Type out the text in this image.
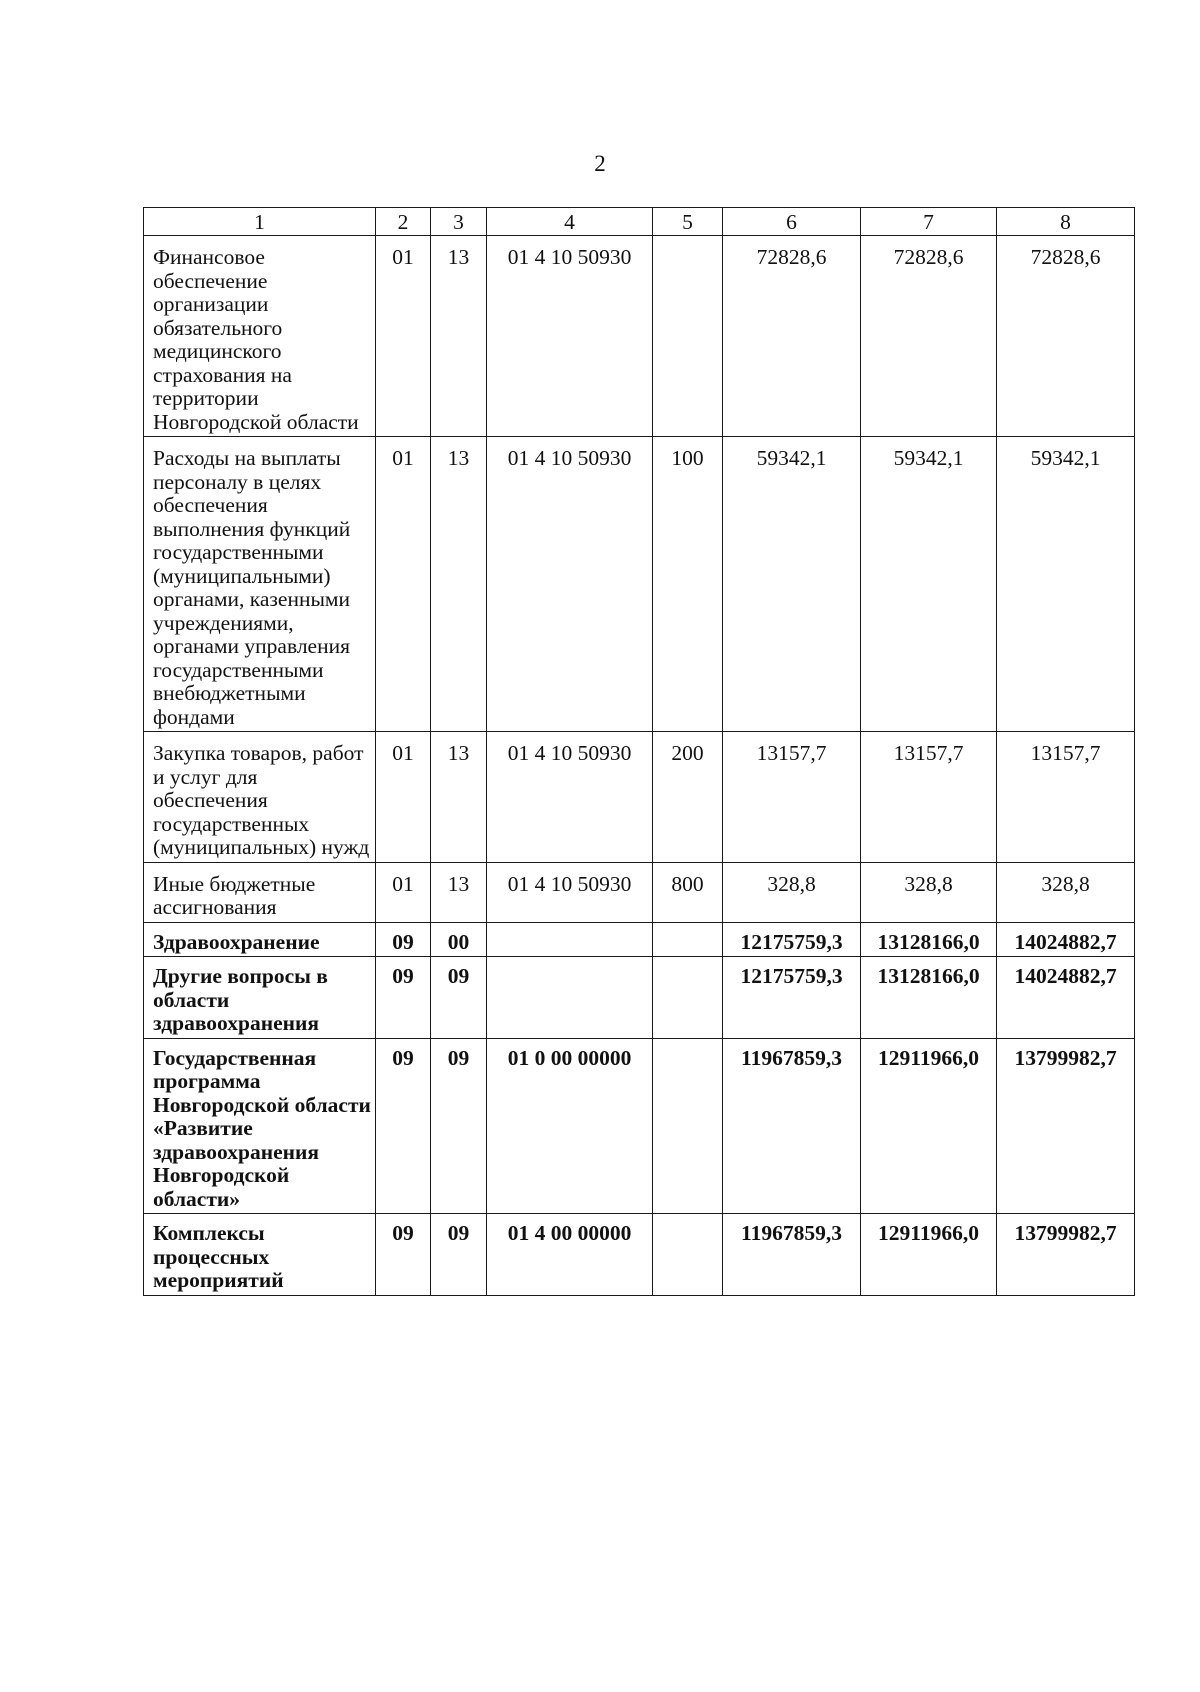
2
1	2	3	4	5	6	7	8
Финансовое обеспечение организации обязательного медицинского страхования на территории Новгородской области	01	13	01 4 10 50930		72828,6	72828,6	72828,6
Расходы на выплаты персоналу в целях обеспечения выполнения функций государственными (муниципальными) органами, казенными учреждениями, органами управления государственными внебюджетными фондами	01	13	01 4 10 50930	100	59342,1	59342,1	59342,1
Закупка товаров, работ и услуг для обеспечения государственных (муниципальных) нужд	01	13	01 4 10 50930	200	13157,7	13157,7	13157,7
Иные бюджетные ассигнования	01	13	01 4 10 50930	800	328,8	328,8	328,8
Здравоохранение	09	00			12175759,3	13128166,0	14024882,7
Другие вопросы в области здравоохранения	09	09			12175759,3	13128166,0	14024882,7
Государственная программа Новгородской области «Развитие здравоохранения Новгородской области»	09	09	01 0 00 00000		11967859,3	12911966,0	13799982,7
Комплексы процессных мероприятий	09	09	01 4 00 00000		11967859,3	12911966,0	13799982,7
